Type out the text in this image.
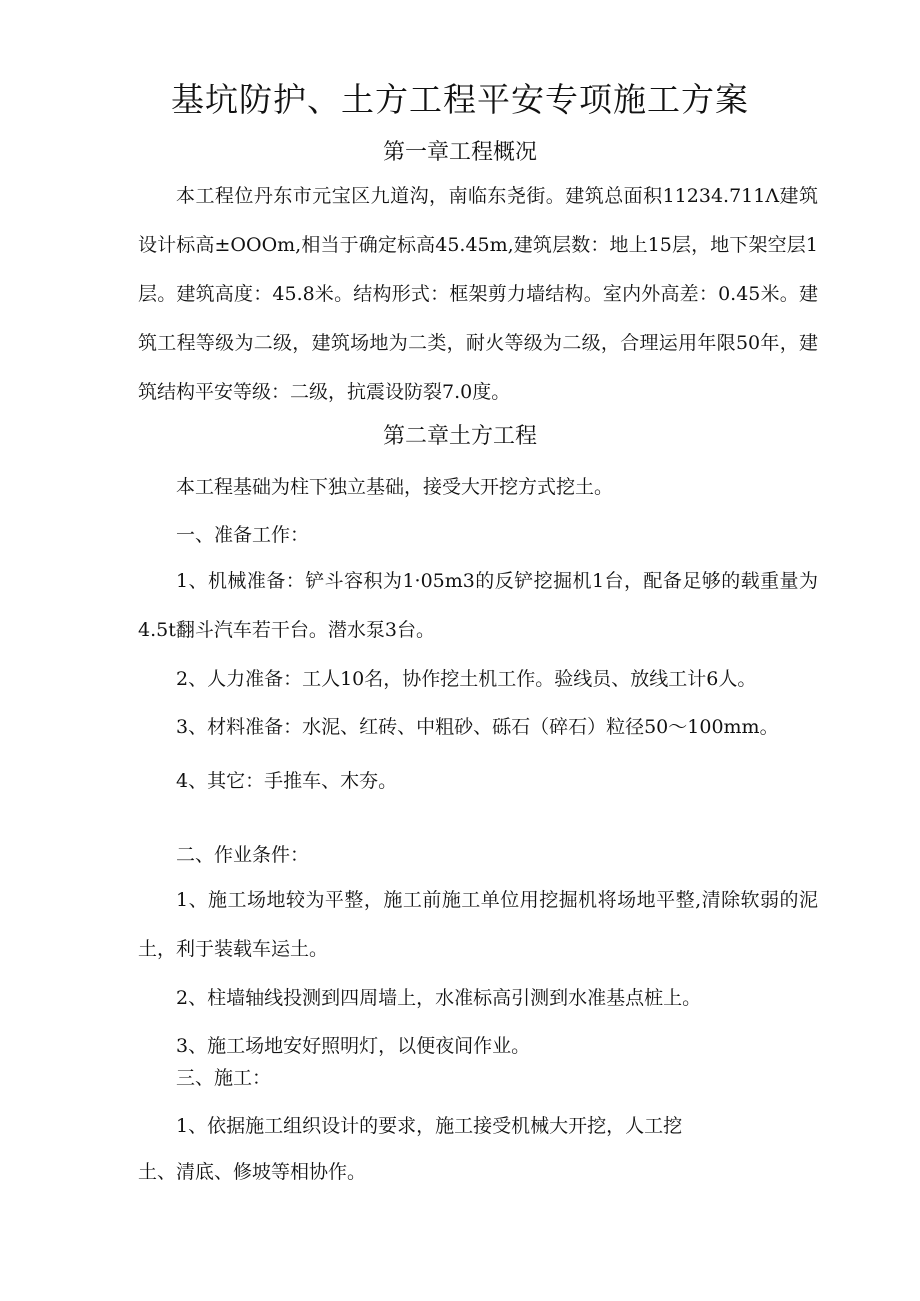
基坑防护、土方工程平安专项施工方案
第一章工程概况
本工程位丹东市元宝区九道沟，南临东尧街。建筑总面积11234.711Λ建筑设计标高±OOOm,相当于确定标高45.45m,建筑层数：地上15层，地下架空层1层。建筑高度：45.8米。结构形式：框架剪力墙结构。室内外高差：0.45米。建筑工程等级为二级，建筑场地为二类，耐火等级为二级，合理运用年限50年，建筑结构平安等级：二级，抗震设防裂7.0度。
第二章土方工程
本工程基础为柱下独立基础，接受大开挖方式挖土。
一、准备工作：
1、机械准备：铲斗容积为1·05m3的反铲挖掘机1台，配备足够的载重量为4.5t翻斗汽车若干台。潜水泵3台。
2、人力准备：工人10名，协作挖土机工作。验线员、放线工计6人。
3、材料准备：水泥、红砖、中粗砂、砾石（碎石）粒径50～100mm。
4、其它：手推车、木夯。
二、作业条件：
1、施工场地较为平整，施工前施工单位用挖掘机将场地平整,清除软弱的泥土，利于装载车运土。
2、柱墙轴线投测到四周墙上，水准标高引测到水准基点桩上。
3、施工场地安好照明灯，以便夜间作业。
三、施工：
1、依据施工组织设计的要求，施工接受机械大开挖，人工挖
土、清底、修坡等相协作。
